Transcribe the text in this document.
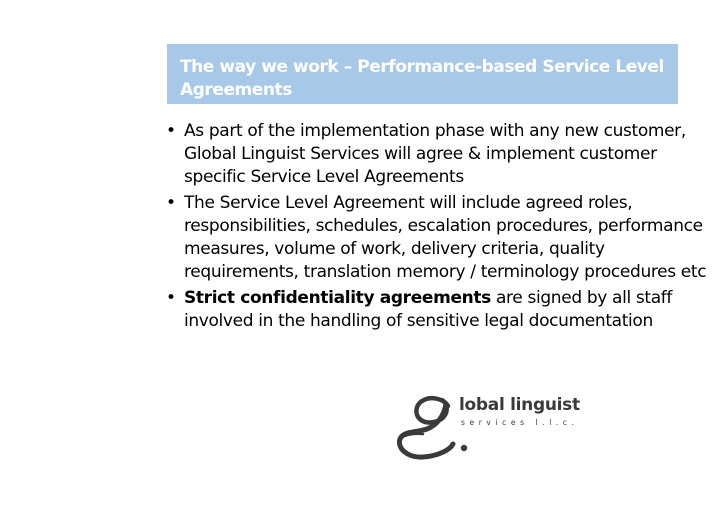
The way we work – Performance-based Service Level Agreements
• As part of the implementation phase with any new customer, Global Linguist Services will agree & implement customer specific Service Level Agreements
• The Service Level Agreement will include agreed roles, responsibilities, schedules, escalation procedures, performance measures, volume of work, delivery criteria, quality requirements, translation memory / terminology procedures etc
• Strict confidentiality agreements are signed by all staff involved in the handling of sensitive legal documentation

lobal linguist

services l.l.c.
